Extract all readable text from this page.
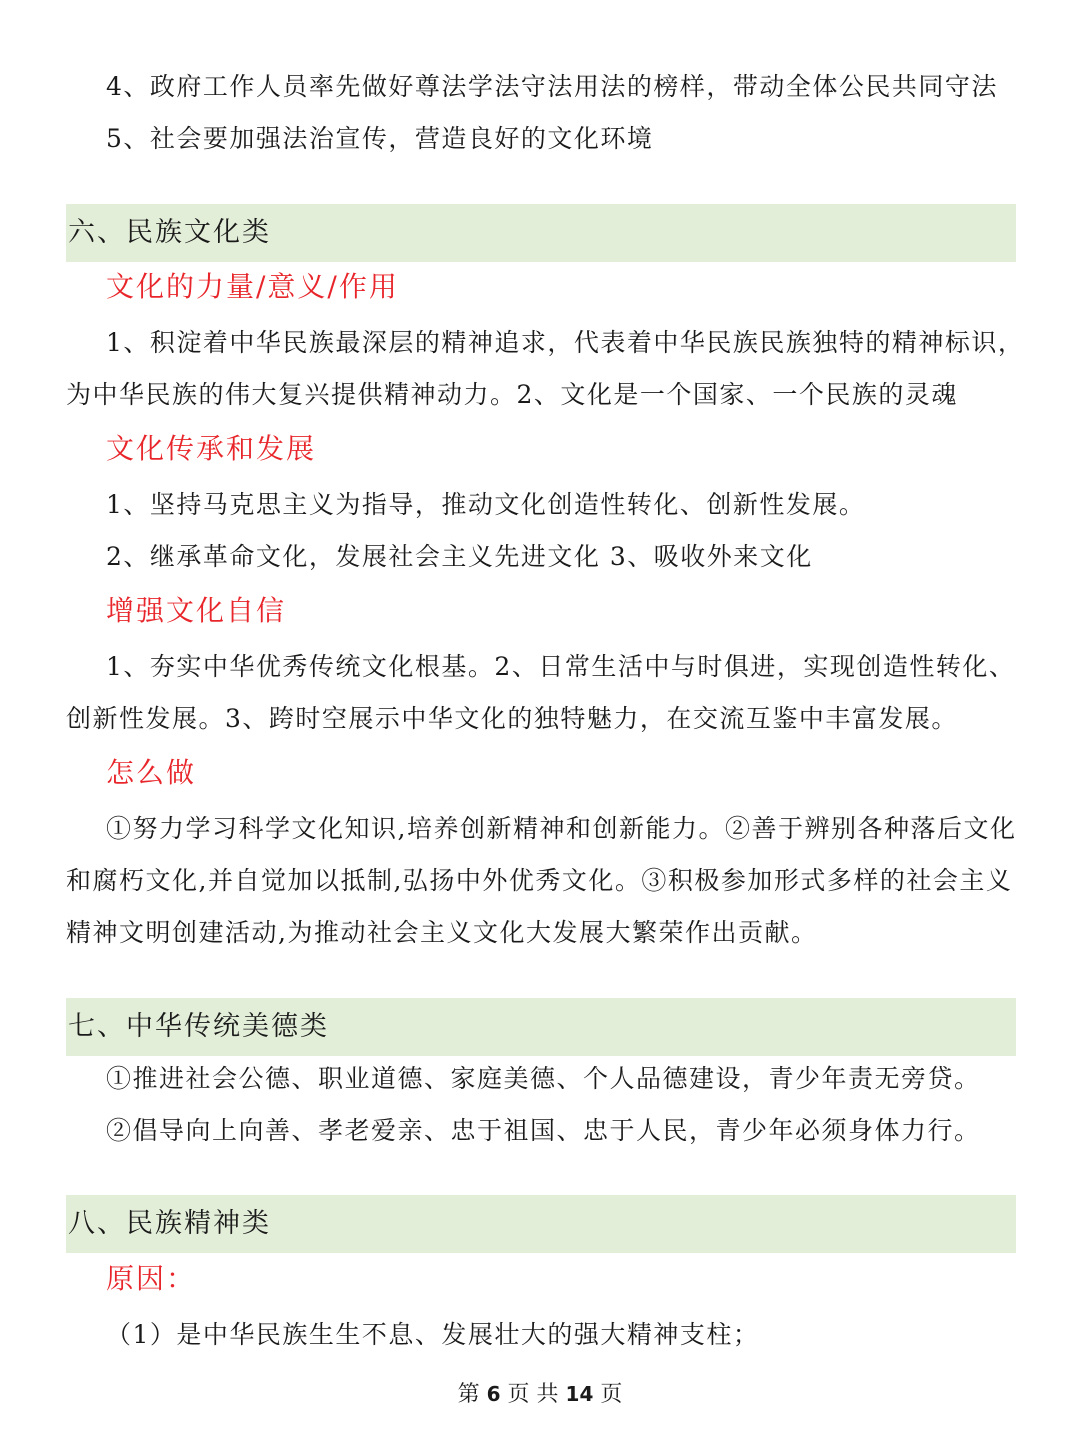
4、政府工作人员率先做好尊法学法守法用法的榜样，带动全体公民共同守法
5、社会要加强法治宣传，营造良好的文化环境
六、民族文化类
文化的力量/意义/作用
1、积淀着中华民族最深层的精神追求，代表着中华民族民族独特的精神标识，
为中华民族的伟大复兴提供精神动力。2、文化是一个国家、一个民族的灵魂
文化传承和发展
1、坚持马克思主义为指导，推动文化创造性转化、创新性发展。
2、继承革命文化，发展社会主义先进文化 3、吸收外来文化
增强文化自信
1、夯实中华优秀传统文化根基。2、日常生活中与时俱进，实现创造性转化、
创新性发展。3、跨时空展示中华文化的独特魅力，在交流互鉴中丰富发展。
怎么做
①努力学习科学文化知识,培养创新精神和创新能力。②善于辨别各种落后文化
和腐朽文化,并自觉加以抵制,弘扬中外优秀文化。③积极参加形式多样的社会主义
精神文明创建活动,为推动社会主义文化大发展大繁荣作出贡献。
七、中华传统美德类
①推进社会公德、职业道德、家庭美德、个人品德建设，青少年责无旁贷。
②倡导向上向善、孝老爱亲、忠于祖国、忠于人民，青少年必须身体力行。
八、民族精神类
原因：
（1）是中华民族生生不息、发展壮大的强大精神支柱；
第 6 页 共 14 页
